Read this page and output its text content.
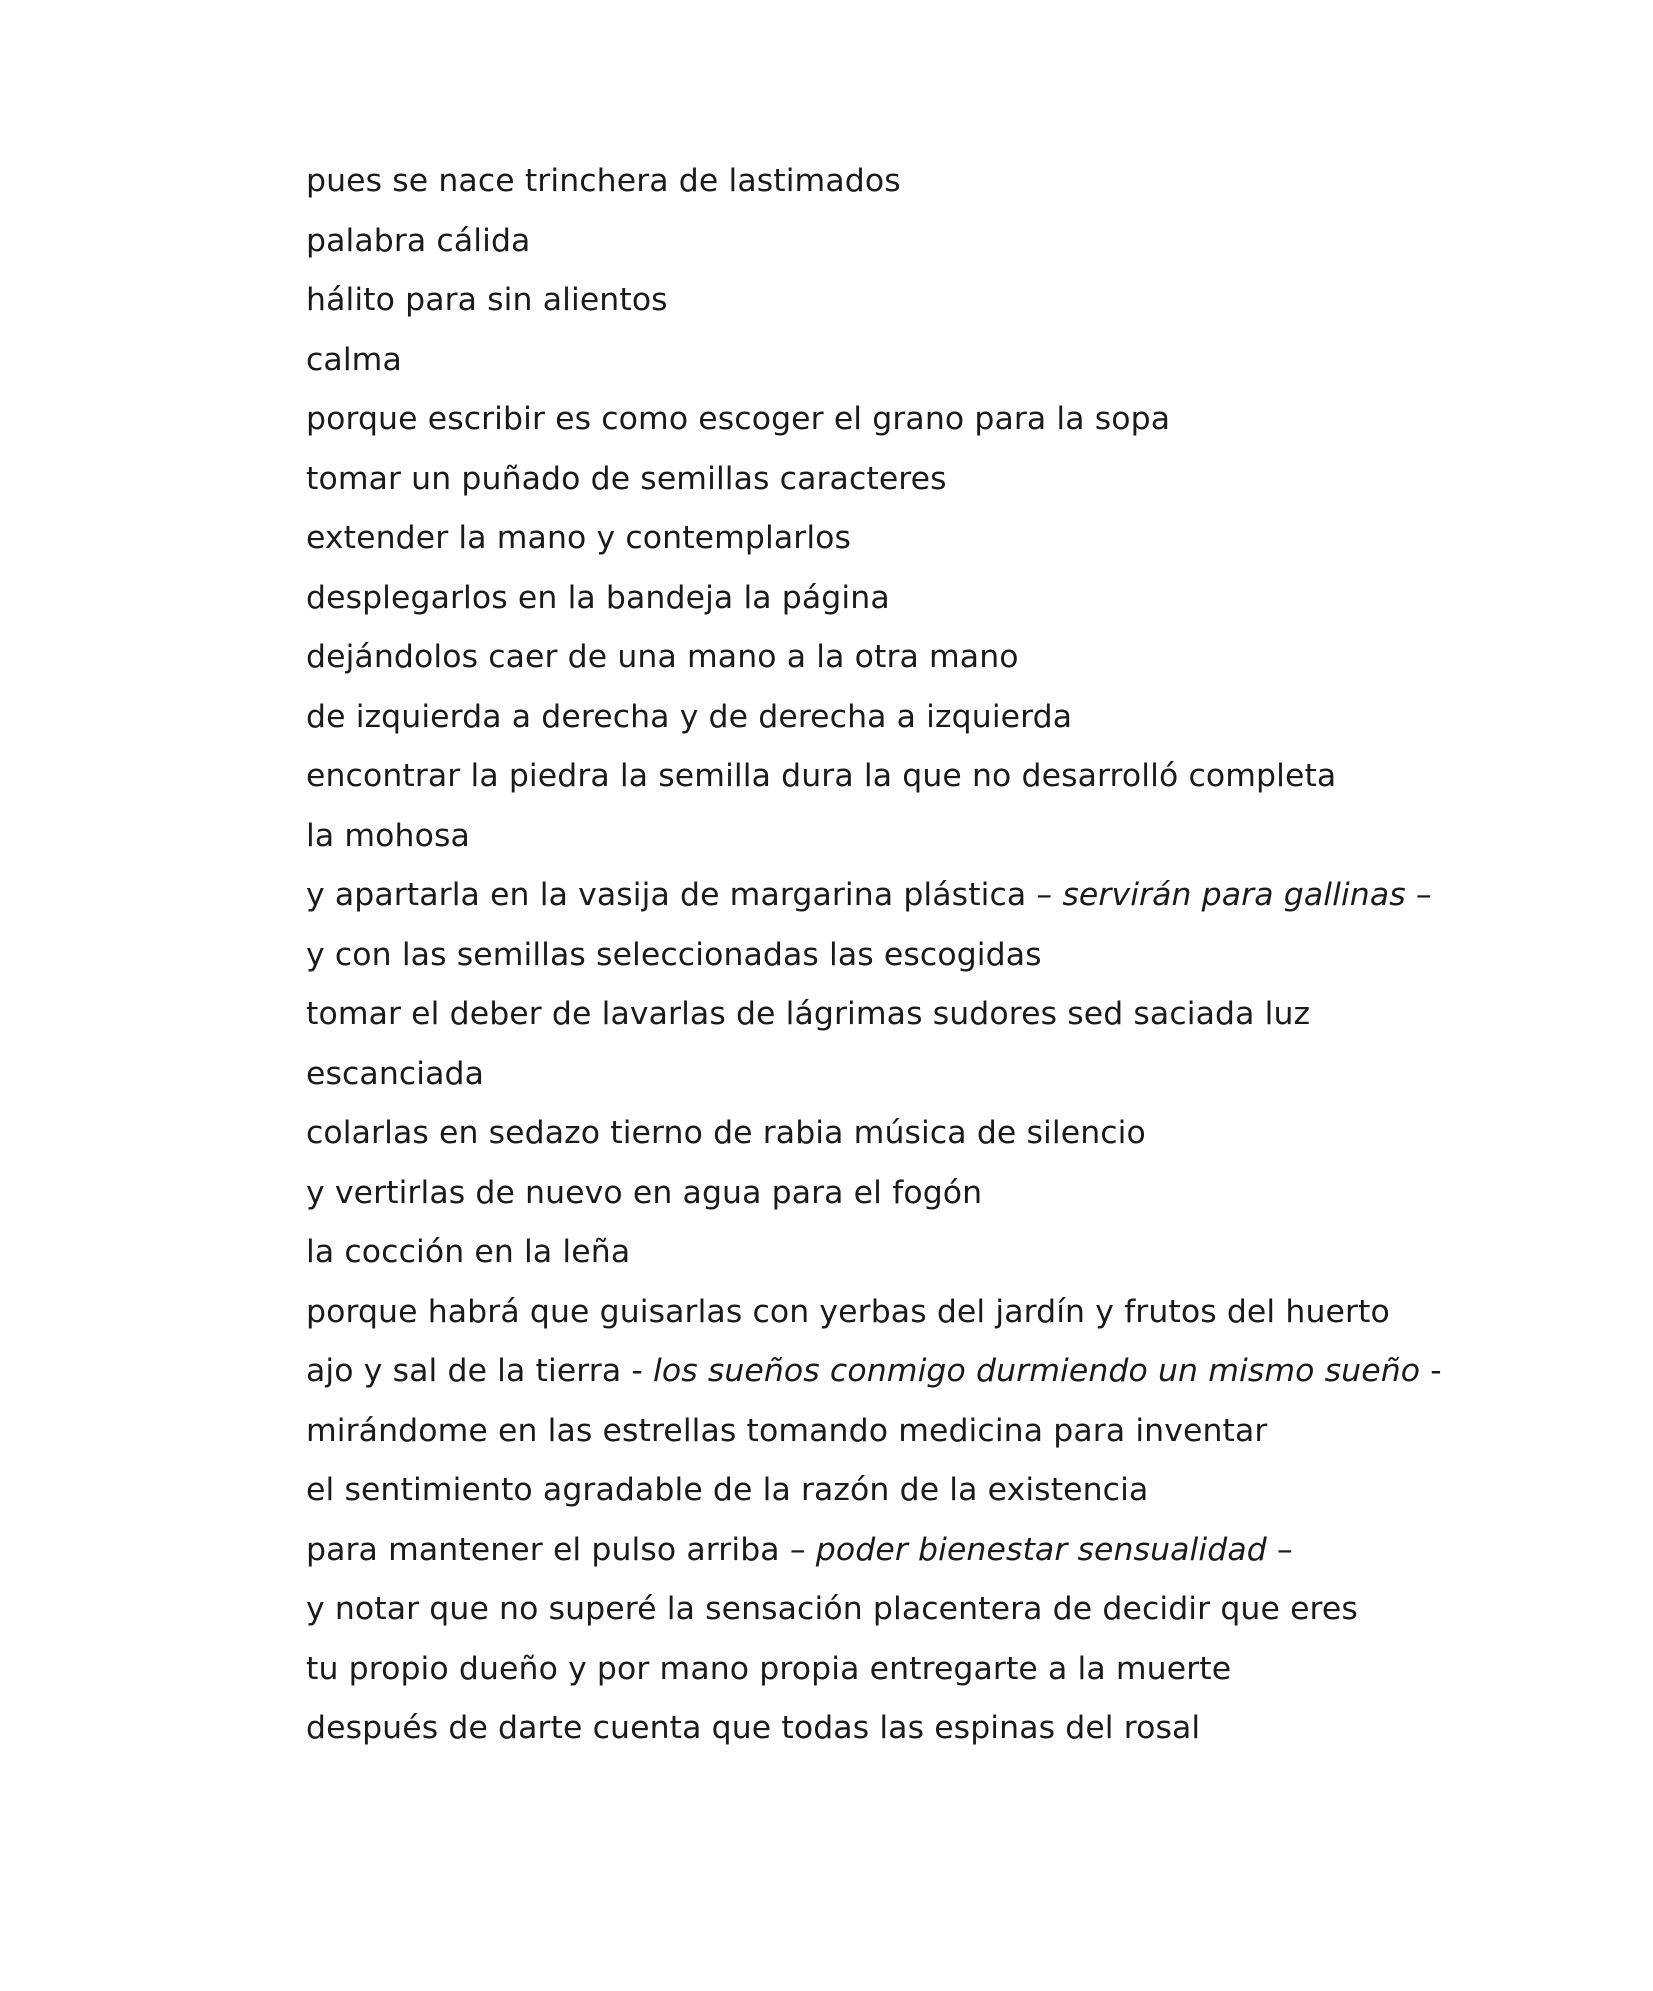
pues se nace trinchera de lastimados
palabra cálida
hálito para sin alientos
calma
porque escribir es como escoger el grano para la sopa
tomar un puñado de semillas caracteres
extender la mano y contemplarlos
desplegarlos en la bandeja la página
dejándolos caer de una mano a la otra mano
de izquierda a derecha y de derecha a izquierda
encontrar la piedra la semilla dura la que no desarrolló completa
la mohosa
y apartarla en la vasija de margarina plástica – servirán para gallinas –
y con las semillas seleccionadas las escogidas
tomar el deber de lavarlas de lágrimas sudores sed saciada luz
escanciada
colarlas en sedazo tierno de rabia música de silencio
y vertirlas de nuevo en agua para el fogón
la cocción en la leña
porque habrá que guisarlas con yerbas del jardín y frutos del huerto
ajo y sal de la tierra - los sueños conmigo durmiendo un mismo sueño -
mirándome en las estrellas tomando medicina para inventar
el sentimiento agradable de la razón de la existencia
para mantener el pulso arriba – poder bienestar sensualidad –
y notar que no superé la sensación placentera de decidir que eres
tu propio dueño y por mano propia entregarte a la muerte
después de darte cuenta que todas las espinas del rosal
